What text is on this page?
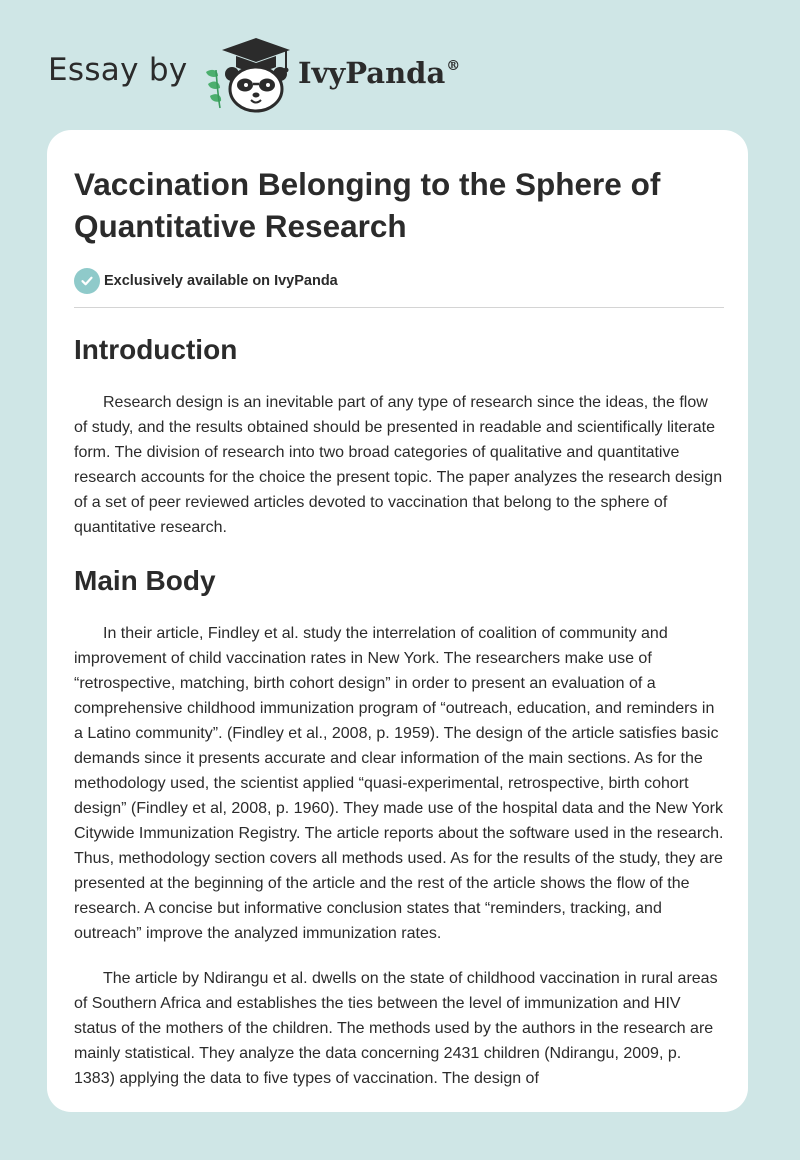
Essay by	IvyPanda®
Vaccination Belonging to the Sphere of Quantitative Research
Exclusively available on IvyPanda
Introduction

Research design is an inevitable part of any type of research since the ideas, the flow of study, and the results obtained should be presented in readable and scientifically literate form. The division of research into two broad categories of qualitative and quantitative research accounts for the choice the present topic. The paper analyzes the research design of a set of peer reviewed articles devoted to vaccination that belong to the sphere of quantitative research.

Main Body

In their article, Findley et al. study the interrelation of coalition of community and improvement of child vaccination rates in New York. The researchers make use of “retrospective, matching, birth cohort design” in order to present an evaluation of a comprehensive childhood immunization program of “outreach, education, and reminders in a Latino community”. (Findley et al., 2008, p. 1959). The design of the article satisfies basic demands since it presents accurate and clear information of the main sections. As for the methodology used, the scientist applied “quasi-experimental, retrospective, birth cohort design” (Findley et al, 2008, p. 1960). They made use of the hospital data and the New York Citywide Immunization Registry. The article reports about the software used in the research. Thus, methodology section covers all methods used. As for the results of the study, they are presented at the beginning of the article and the rest of the article shows the flow of the research. A concise but informative conclusion states that “reminders, tracking, and outreach” improve the analyzed immunization rates.

The article by Ndirangu et al. dwells on the state of childhood vaccination in rural areas of Southern Africa and establishes the ties between the level of immunization and HIV status of the mothers of the children. The methods used by the authors in the research are mainly statistical. They analyze the data concerning 2431 children (Ndirangu, 2009, p. 1383) applying the data to five types of vaccination. The design of
